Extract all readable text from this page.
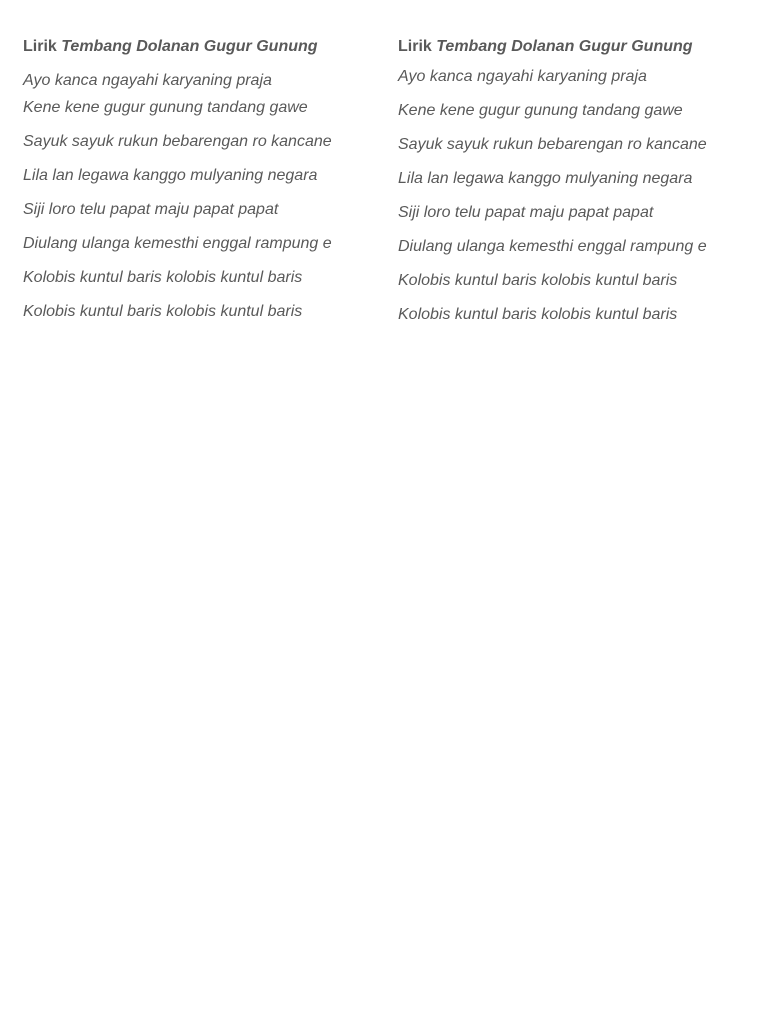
Lirik Tembang Dolanan Gugur Gunung

Ayo kanca ngayahi karyaning praja

Kene kene gugur gunung tandang gawe

Sayuk sayuk rukun bebarengan ro kancane

Lila lan legawa kanggo mulyaning negara

Siji loro telu papat maju papat papat

Diulang ulanga kemesthi enggal rampung e

Kolobis kuntul baris kolobis kuntul baris

Kolobis kuntul baris kolobis kuntul baris

Lirik Tembang Dolanan Gugur Gunung

Ayo kanca ngayahi karyaning praja

Kene kene gugur gunung tandang gawe

Sayuk sayuk rukun bebarengan ro kancane

Lila lan legawa kanggo mulyaning negara

Siji loro telu papat maju papat papat

Diulang ulanga kemesthi enggal rampung e

Kolobis kuntul baris kolobis kuntul baris

Kolobis kuntul baris kolobis kuntul baris
